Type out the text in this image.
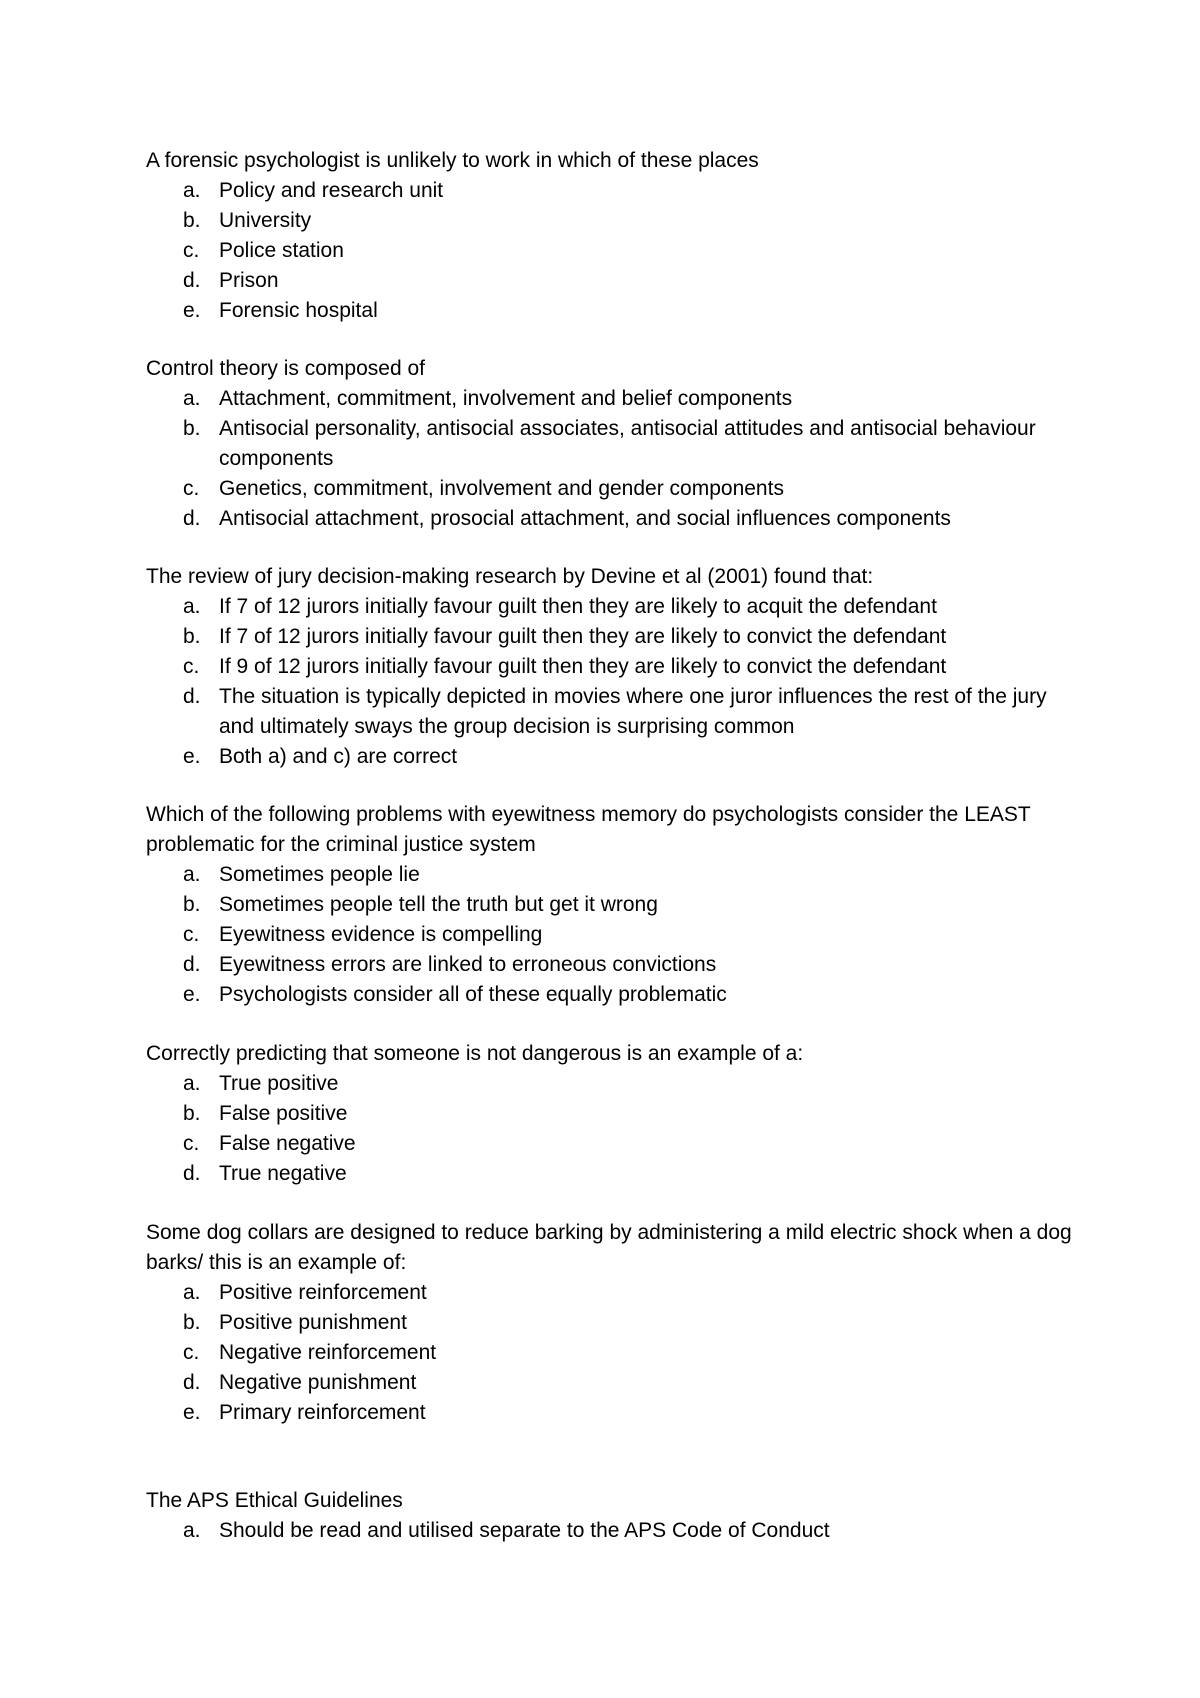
A forensic psychologist is unlikely to work in which of these places

a. Policy and research unit
b. University
c. Police station
d. Prison
e. Forensic hospital

Control theory is composed of

a. Attachment, commitment, involvement and belief components
b. Antisocial personality, antisocial associates, antisocial attitudes and antisocial behaviour components
c. Genetics, commitment, involvement and gender components
d. Antisocial attachment, prosocial attachment, and social influences components

The review of jury decision-making research by Devine et al (2001) found that:

a. If 7 of 12 jurors initially favour guilt then they are likely to acquit the defendant
b. If 7 of 12 jurors initially favour guilt then they are likely to convict the defendant
c. If 9 of 12 jurors initially favour guilt then they are likely to convict the defendant
d. The situation is typically depicted in movies where one juror influences the rest of the jury and ultimately sways the group decision is surprising common
e. Both a) and c) are correct

Which of the following problems with eyewitness memory do psychologists consider the LEAST problematic for the criminal justice system

a. Sometimes people lie
b. Sometimes people tell the truth but get it wrong
c. Eyewitness evidence is compelling
d. Eyewitness errors are linked to erroneous convictions
e. Psychologists consider all of these equally problematic

Correctly predicting that someone is not dangerous is an example of a:

a. True positive
b. False positive
c. False negative
d. True negative

Some dog collars are designed to reduce barking by administering a mild electric shock when a dog barks/ this is an example of:

a. Positive reinforcement
b. Positive punishment
c. Negative reinforcement
d. Negative punishment
e. Primary reinforcement

The APS Ethical Guidelines

a. Should be read and utilised separate to the APS Code of Conduct
